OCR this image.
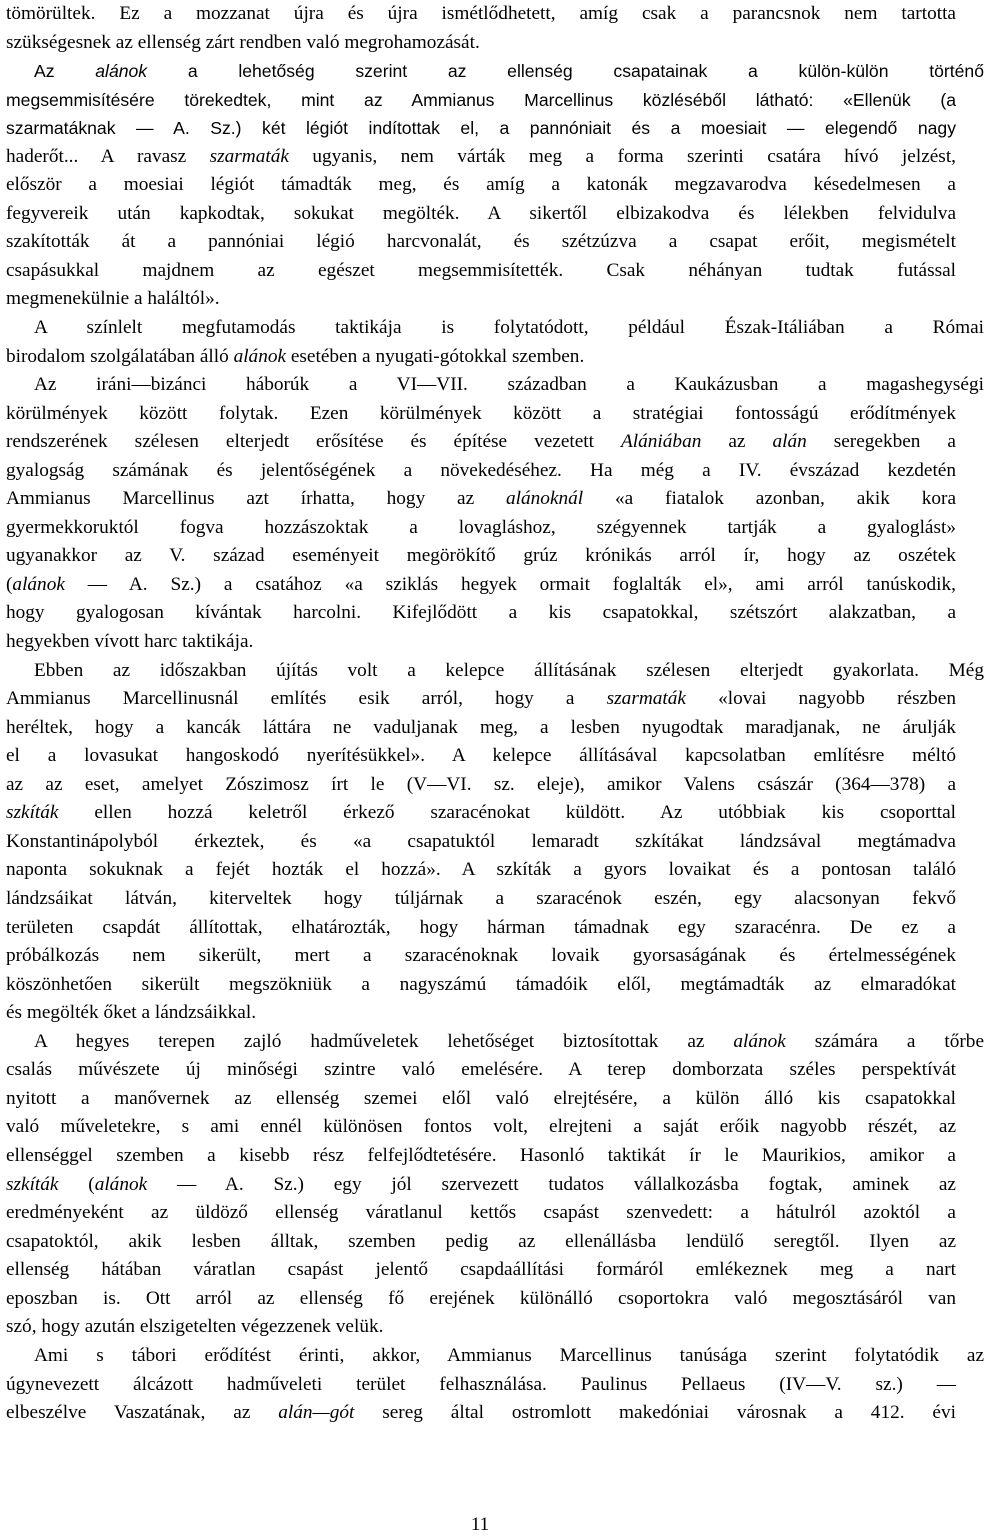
tömörültek. Ez a mozzanat újra és újra ismétlődhetett, amíg csak a parancsnok nem tartotta
szükségesnek az ellenség zárt rendben való megrohamozását.
Az alánok a lehetőség szerint az ellenség csapatainak a külön-külön történő
megsemmisítésére törekedtek, mint az Ammianus Marcellinus közléséből látható: «Ellenük (a
szarmatáknak — A. Sz.) két légiót indítottak el, a pannóniait és a moesiait — elegendő nagy
haderőt... A ravasz szarmaták ugyanis, nem várták meg a forma szerinti csatára hívó jelzést,
először a moesiai légiót támadták meg, és amíg a katonák megzavarodva késedelmesen a
fegyvereik után kapkodtak, sokukat megölték. A sikertől elbizakodva és lélekben felvidulva
szakították át a pannóniai légió harcvonalát, és szétzúzva a csapat erőit, megismételt
csapásukkal majdnem az egészet megsemmisítették. Csak néhányan tudtak futással
megmenekülnie a haláltól».
A színlelt megfutamodás taktikája is folytatódott, például Észak-Itáliában a Római
birodalom szolgálatában álló alánok esetében a nyugati-gótokkal szemben.
Az iráni—bizánci háborúk a VI—VII. században a Kaukázusban a magashegységi
körülmények között folytak. Ezen körülmények között a stratégiai fontosságú erődítmények
rendszerének szélesen elterjedt erősítése és építése vezetett Alániában az alán seregekben a
gyalogság számának és jelentőségének a növekedéséhez. Ha még a IV. évszázad kezdetén
Ammianus Marcellinus azt írhatta, hogy az alánoknál «a fiatalok azonban, akik kora
gyermekkoruktól fogva hozzászoktak a lovagláshoz, szégyennek tartják a gyaloglást»
ugyanakkor az V. század eseményeit megörökítő grúz krónikás arról ír, hogy az oszétek
(alánok — A. Sz.) a csatához «a sziklás hegyek ormait foglalták el», ami arról tanúskodik,
hogy gyalogosan kívántak harcolni. Kifejlődött a kis csapatokkal, szétszórt alakzatban, a
hegyekben vívott harc taktikája.
Ebben az időszakban újítás volt a kelepce állításának szélesen elterjedt gyakorlata. Még
Ammianus Marcellinusnál említés esik arról, hogy a szarmaták «lovai nagyobb részben
heréltek, hogy a kancák láttára ne vaduljanak meg, a lesben nyugodtak maradjanak, ne árulják
el a lovasukat hangoskodó nyerítésükkel». A kelepce állításával kapcsolatban említésre méltó
az az eset, amelyet Zószimosz írt le (V—VI. sz. eleje), amikor Valens császár (364—378) a
szkíták ellen hozzá keletről érkező szaracénokat küldött. Az utóbbiak kis csoporttal
Konstantinápolyból érkeztek, és «a csapatuktól lemaradt szkítákat lándzsával megtámadva
naponta sokuknak a fejét hozták el hozzá». A szkíták a gyors lovaikat és a pontosan találó
lándzsáikat látván, kiterveltek hogy túljárnak a szaracénok eszén, egy alacsonyan fekvő
területen csapdát állítottak, elhatározták, hogy hárman támadnak egy szaracénra. De ez a
próbálkozás nem sikerült, mert a szaracénoknak lovaik gyorsaságának és értelmességének
köszönhetően sikerült megszökniük a nagyszámú támadóik elől, megtámadták az elmaradókat
és megölték őket a lándzsáikkal.
A hegyes terepen zajló hadműveletek lehetőséget biztosítottak az alánok számára a tőrbe
csalás művészete új minőségi szintre való emelésére. A terep domborzata széles perspektívát
nyitott a manővernek az ellenség szemei elől való elrejtésére, a külön álló kis csapatokkal
való műveletekre, s ami ennél különösen fontos volt, elrejteni a saját erőik nagyobb részét, az
ellenséggel szemben a kisebb rész felfejlődtetésére. Hasonló taktikát ír le Maurikios, amikor a
szkíták (alánok — A. Sz.) egy jól szervezett tudatos vállalkozásba fogtak, aminek az
eredményeként az üldöző ellenség váratlanul kettős csapást szenvedett: a hátulról azoktól a
csapatoktól, akik lesben álltak, szemben pedig az ellenállásba lendülő seregtől. Ilyen az
ellenség hátában váratlan csapást jelentő csapdaállítási formáról emlékeznek meg a nart
eposzban is. Ott arról az ellenség fő erejének különálló csoportokra való megosztásáról van
szó, hogy azután elszigetelten végezzenek velük.
Ami s tábori erődítést érinti, akkor, Ammianus Marcellinus tanúsága szerint folytatódik az
úgynevezett álcázott hadműveleti terület felhasználása. Paulinus Pellaeus (IV—V. sz.) —
elbeszélve Vaszatának, az alán—gót sereg által ostromlott makedóniai városnak a 412. évi
11
